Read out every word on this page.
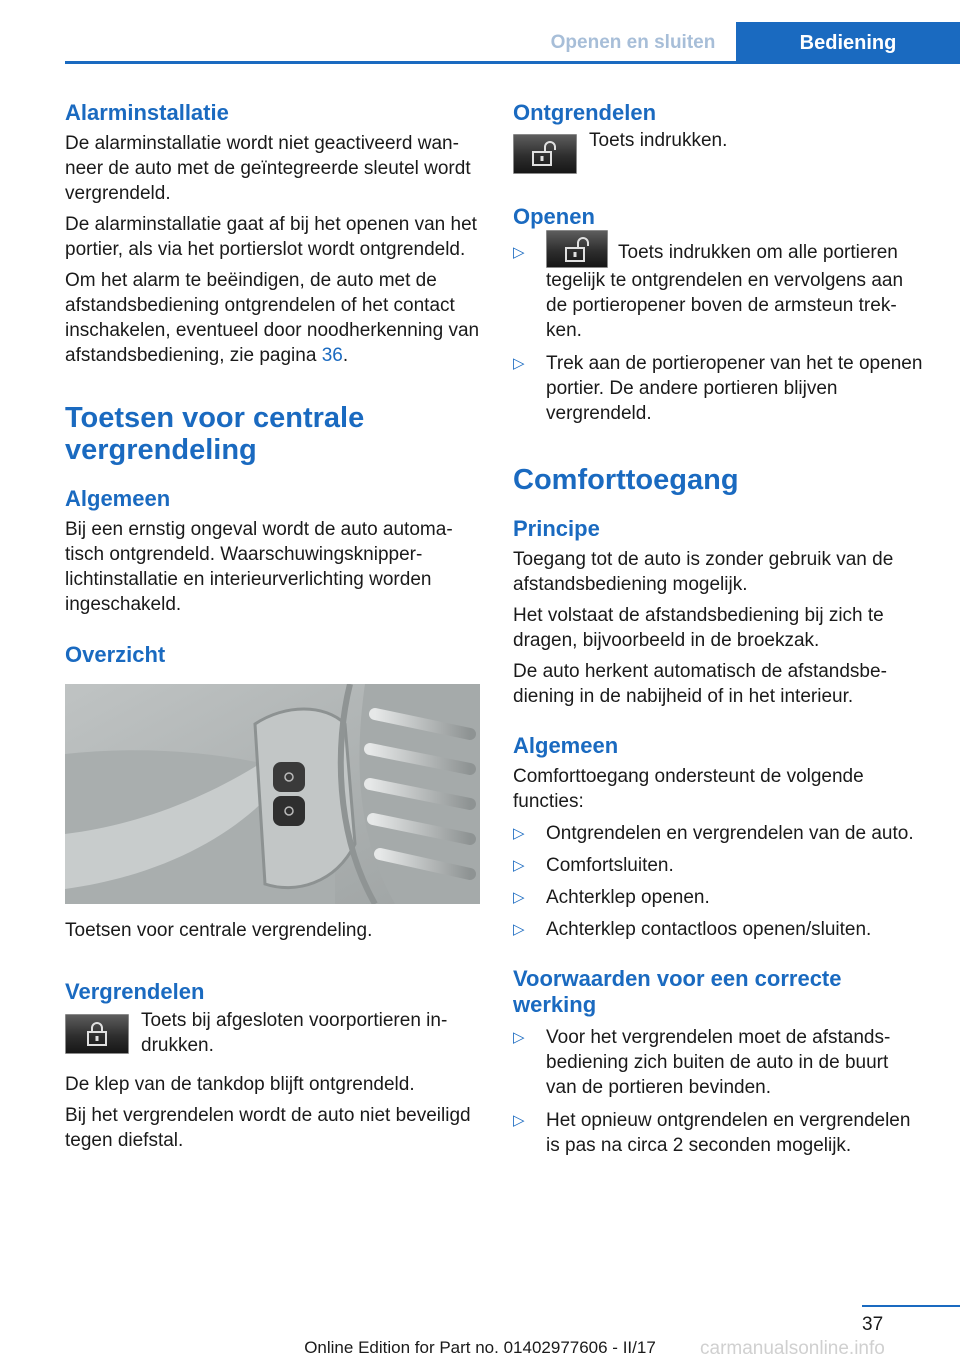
Openen en sluiten	Bediening
Alarminstallatie

De alarminstallatie wordt niet geactiveerd wanneer de auto met de geïntegreerde sleutel wordt vergrendeld.

De alarminstallatie gaat af bij het openen van het portier, als via het portierslot wordt ontgrendeld.

Om het alarm te beëindigen, de auto met de afstandsbediening ontgrendelen of het contact inschakelen, eventueel door noodherkenning van afstandsbediening, zie pagina 36.

Toetsen voor centrale vergrendeling
Algemeen

Bij een ernstig ongeval wordt de auto automatisch ontgrendeld. Waarschuwingsknipperlichtinstallatie en interieurverlichting worden ingeschakeld.

Overzicht

Toetsen voor centrale vergrendeling.

Vergrendelen

Toets bij afgesloten voorportieren indrukken.

De klep van de tankdop blijft ontgrendeld.

Bij het vergrendelen wordt de auto niet beveiligd tegen diefstal.

Ontgrendelen

Toets indrukken.

Openen
▷	Toets indrukken om alle portieren tegelijk te ontgrendelen en vervolgens aan de portieropener boven de armsteun trekken.
▷ Trek aan de portieropener van het te openen portier. De andere portieren blijven vergrendeld.
Comforttoegang
Principe

Toegang tot de auto is zonder gebruik van de afstandsbediening mogelijk.

Het volstaat de afstandsbediening bij zich te dragen, bijvoorbeeld in de broekzak.

De auto herkent automatisch de afstandsbediening in de nabijheid of in het interieur.

Algemeen

Comforttoegang ondersteunt de volgende functies:

▷ Ontgrendelen en vergrendelen van de auto.
▷ Comfortsluiten.
▷ Achterklep openen.
▷ Achterklep contactloos openen/sluiten.
Voorwaarden voor een correcte werking
▷ Voor het vergrendelen moet de afstandsbediening zich buiten de auto in de buurt van de portieren bevinden.
▷ Het opnieuw ontgrendelen en vergrendelen is pas na circa 2 seconden mogelijk.
37
Online Edition for Part no. 01402977606 - II/17	carmanualsonline.info
